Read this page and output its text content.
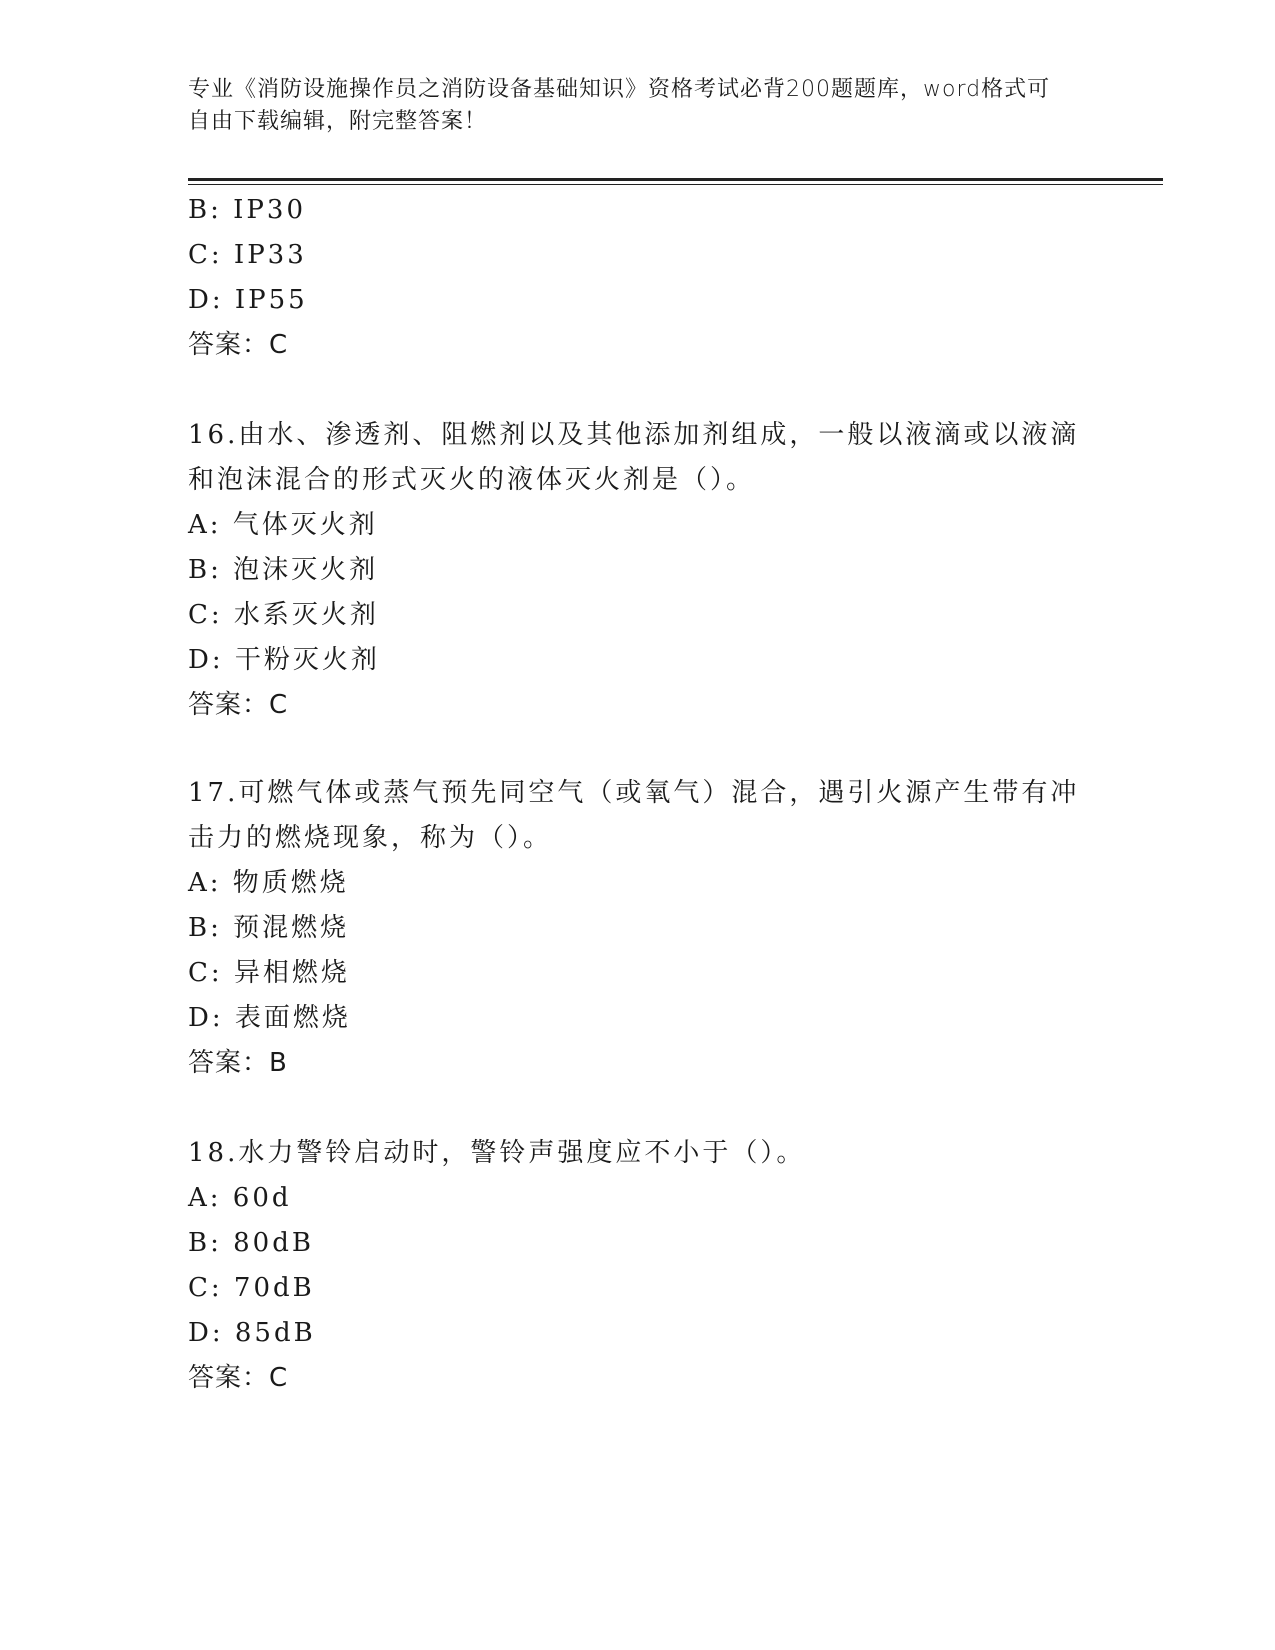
专业《消防设施操作员之消防设备基础知识》资格考试必背200题题库，word格式可自由下载编辑，附完整答案！
B: IP30
C: IP33
D: IP55
答案：C
16.由水、渗透剂、阻燃剂以及其他添加剂组成，一般以液滴或以液滴
和泡沫混合的形式灭火的液体灭火剂是（）。
A: 气体灭火剂
B: 泡沫灭火剂
C: 水系灭火剂
D: 干粉灭火剂
答案：C
17.可燃气体或蒸气预先同空气（或氧气）混合，遇引火源产生带有冲
击力的燃烧现象，称为（）。
A: 物质燃烧
B: 预混燃烧
C: 异相燃烧
D: 表面燃烧
答案：B
18.水力警铃启动时，警铃声强度应不小于（）。
A: 60d
B: 80dB
C: 70dB
D: 85dB
答案：C
